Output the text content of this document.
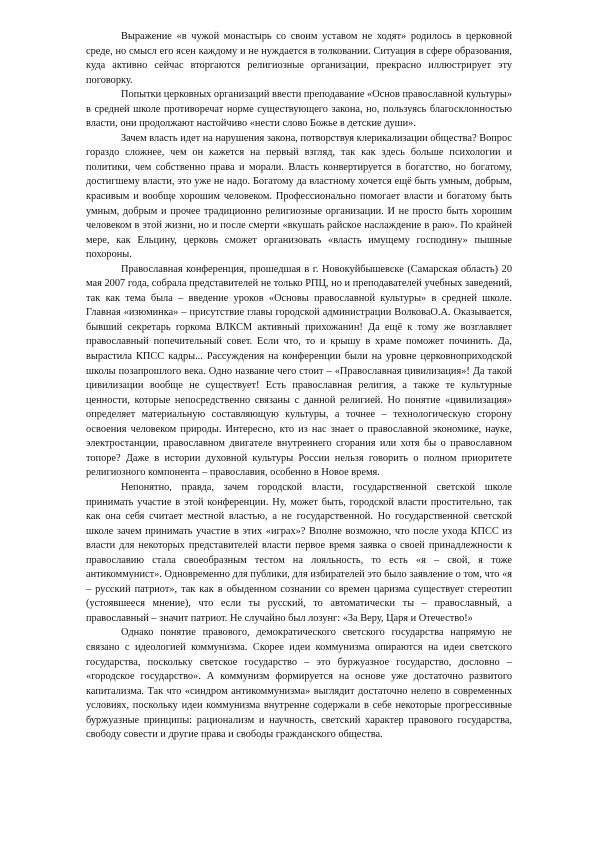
Выражение «в чужой монастырь со своим уставом не ходят» родилось в церковной среде, но смысл его ясен каждому и не нуждается в толковании. Ситуация в сфере образования, куда активно сейчас вторгаются религиозные организации, прекрасно иллюстрирует эту поговорку.

Попытки церковных организаций ввести преподавание «Основ православной культуры» в средней школе противоречат норме существующего закона, но, пользуясь благосклонностью власти, они продолжают настойчиво «нести слово Божье в детские души».

Зачем власть идет на нарушения закона, потворствуя клерикализации общества? Вопрос гораздо сложнее, чем он кажется на первый взгляд, так как здесь больше психологии и политики, чем собственно права и морали. Власть конвертируется в богатство, но богатому, достигшему власти, это уже не надо. Богатому да властному хочется ещё быть умным, добрым, красивым и вообще хорошим человеком. Профессионально помогает власти и богатому быть умным, добрым и прочее традиционно религиозные организации. И не просто быть хорошим человеком в этой жизни, но и после смерти «вкушать райское наслаждение в раю». По крайней мере, как Ельцину, церковь сможет организовать «власть имущему господину» пышные похороны.

Православная конференция, прошедшая в г. Новокуйбышевске (Самарская область) 20 мая 2007 года, собрала представителей не только РПЦ, но и преподавателей учебных заведений, так как тема была – введение уроков «Основы православной культуры» в средней школе. Главная «изюминка» – присутствие главы городской администрации ВолковаО.А. Оказывается, бывший секретарь горкома ВЛКСМ активный прихожанин! Да ещё к тому же возглавляет православный попечительный совет. Если что, то и крышу в храме поможет починить. Да, вырастила КПСС кадры... Рассуждения на конференции были на уровне церковноприходской школы позапрошлого века. Одно название чего стоит – «Православная цивилизация»! Да такой цивилизации вообще не существует! Есть православная религия, а также те культурные ценности, которые непосредственно связаны с данной религией. Но понятие «цивилизация» определяет материальную составляющую культуры, а точнее – технологическую сторону освоения человеком природы. Интересно, кто из нас знает о православной экономике, науке, электростанции, православном двигателе внутреннего сгорания или хотя бы о православном топоре? Даже в истории духовной культуры России нельзя говорить о полном приоритете религиозного компонента – православия, особенно в Новое время.

Непонятно, правда, зачем городской власти, государственной светской школе принимать участие в этой конференции. Ну, может быть, городской власти простительно, так как она себя считает местной властью, а не государственной. Но государственной светской школе зачем принимать участие в этих «играх»? Вполне возможно, что после ухода КПСС из власти для некоторых представителей власти первое время заявка о своей принадлежности к православию стала своеобразным тестом на лояльность, то есть «я – свой, я тоже антикоммунист». Одновременно для публики, для избирателей это было заявление о том, что «я – русский патриот», так как в обыденном сознании со времен царизма существует стереотип (устоявшееся мнение), что если ты русский, то автоматически ты – православный, а православный – значит патриот. Не случайно был лозунг: «За Веру, Царя и Отечество!»

Однако понятие правового, демократического светского государства напрямую не связано с идеологией коммунизма. Скорее идеи коммунизма опираются на идеи светского государства, поскольку светское государство – это буржуазное государство, дословно – «городское государство». А коммунизм формируется на основе уже достаточно развитого капитализма. Так что «синдром антикоммунизма» выглядит достаточно нелепо в современных условиях, поскольку идеи коммунизма внутренне содержали в себе некоторые прогрессивные буржуазные принципы: рационализм и научность, светский характер правового государства, свободу совести и другие права и свободы гражданского общества.
